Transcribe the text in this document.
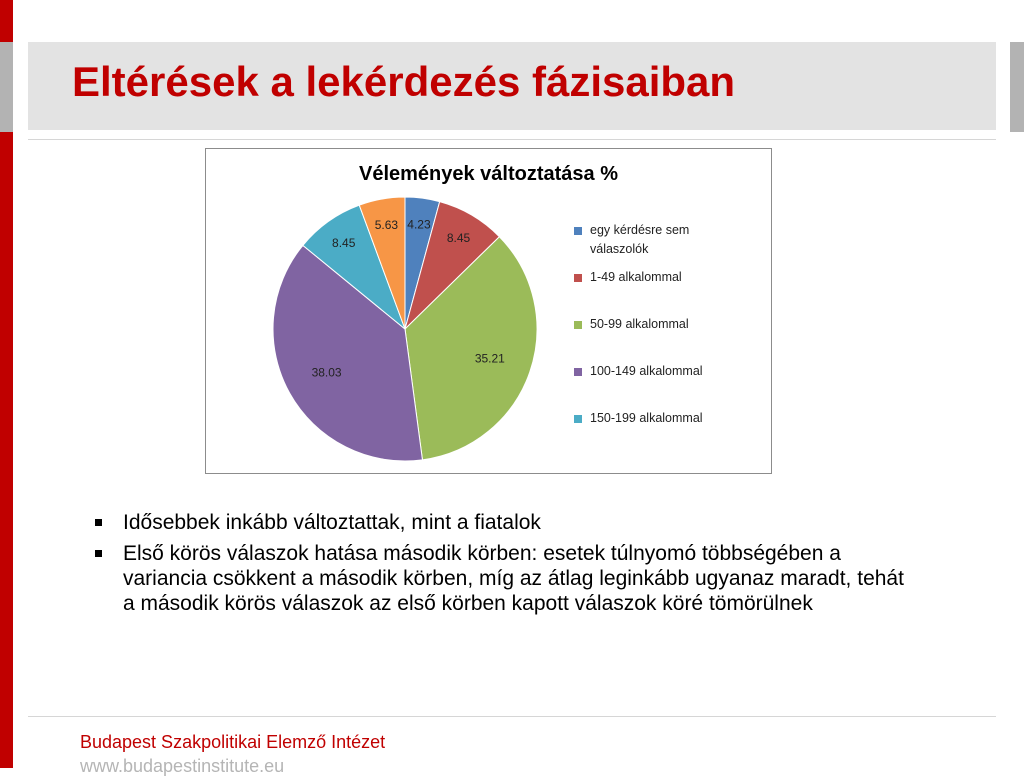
Eltérések a lekérdezés fázisaiban
Vélemények változtatása %
4.23
8.45
35.21
38.03
8.45
5.63	egy kérdésre sem válaszolók
1-49 alkalommal
50-99 alkalommal
100-149 alkalommal
150-199 alkalommal
Idősebbek inkább változtattak, mint a fiatalok
Első körös válaszok hatása második körben: esetek túlnyomó többségében a variancia csökkent a második körben, míg az átlag leginkább ugyanaz maradt, tehát a második körös válaszok az első körben kapott válaszok köré tömörülnek
Budapest Szakpolitikai Elemző Intézet
www.budapestinstitute.eu
